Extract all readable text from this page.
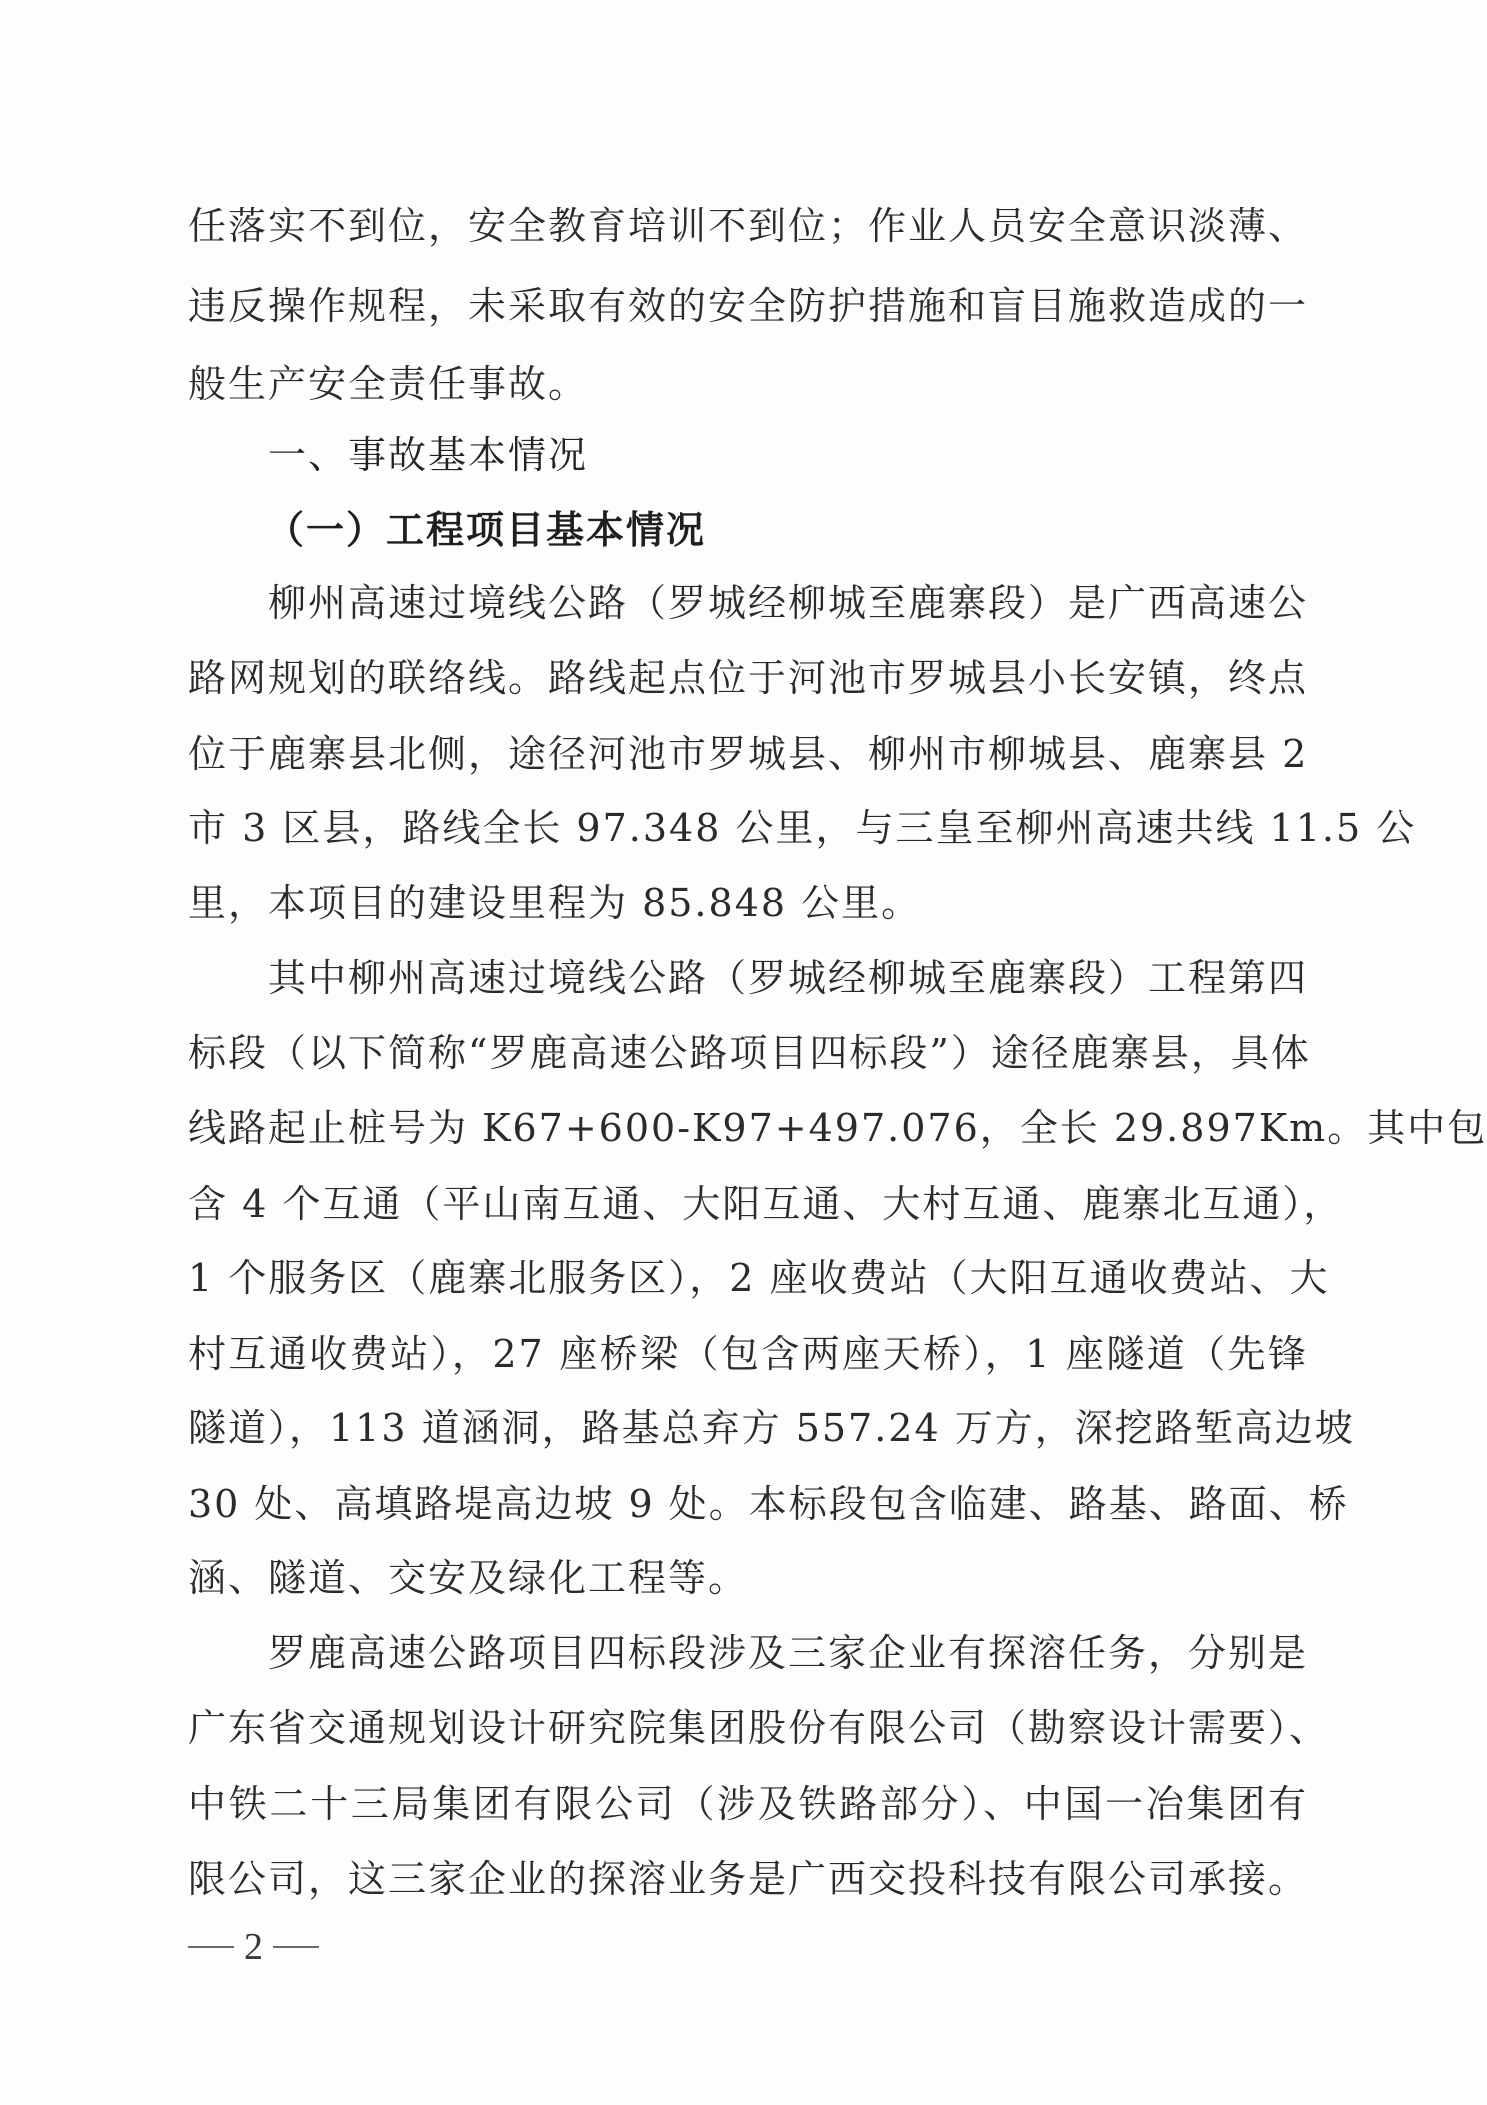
任落实不到位，安全教育培训不到位；作业人员安全意识淡薄、
违反操作规程，未采取有效的安全防护措施和盲目施救造成的一
般生产安全责任事故。
一、事故基本情况
（一）工程项目基本情况
柳州高速过境线公路（罗城经柳城至鹿寨段）是广西高速公
路网规划的联络线。路线起点位于河池市罗城县小长安镇，终点
位于鹿寨县北侧，途径河池市罗城县、柳州市柳城县、鹿寨县 2
市 3 区县，路线全长 97.348 公里，与三皇至柳州高速共线 11.5 公
里，本项目的建设里程为 85.848 公里。
其中柳州高速过境线公路（罗城经柳城至鹿寨段）工程第四
标段（以下简称“罗鹿高速公路项目四标段”）途径鹿寨县，具体
线路起止桩号为 K67+600-K97+497.076，全长 29.897Km。其中包
含 4 个互通（平山南互通、大阳互通、大村互通、鹿寨北互通），
1 个服务区（鹿寨北服务区），2 座收费站（大阳互通收费站、大
村互通收费站），27 座桥梁（包含两座天桥），1 座隧道（先锋
隧道），113 道涵洞，路基总弃方 557.24 万方，深挖路堑高边坡
30 处、高填路堤高边坡 9 处。本标段包含临建、路基、路面、桥
涵、隧道、交安及绿化工程等。
罗鹿高速公路项目四标段涉及三家企业有探溶任务，分别是
广东省交通规划设计研究院集团股份有限公司（勘察设计需要）、
中铁二十三局集团有限公司（涉及铁路部分）、中国一冶集团有
限公司，这三家企业的探溶业务是广西交投科技有限公司承接。
2
